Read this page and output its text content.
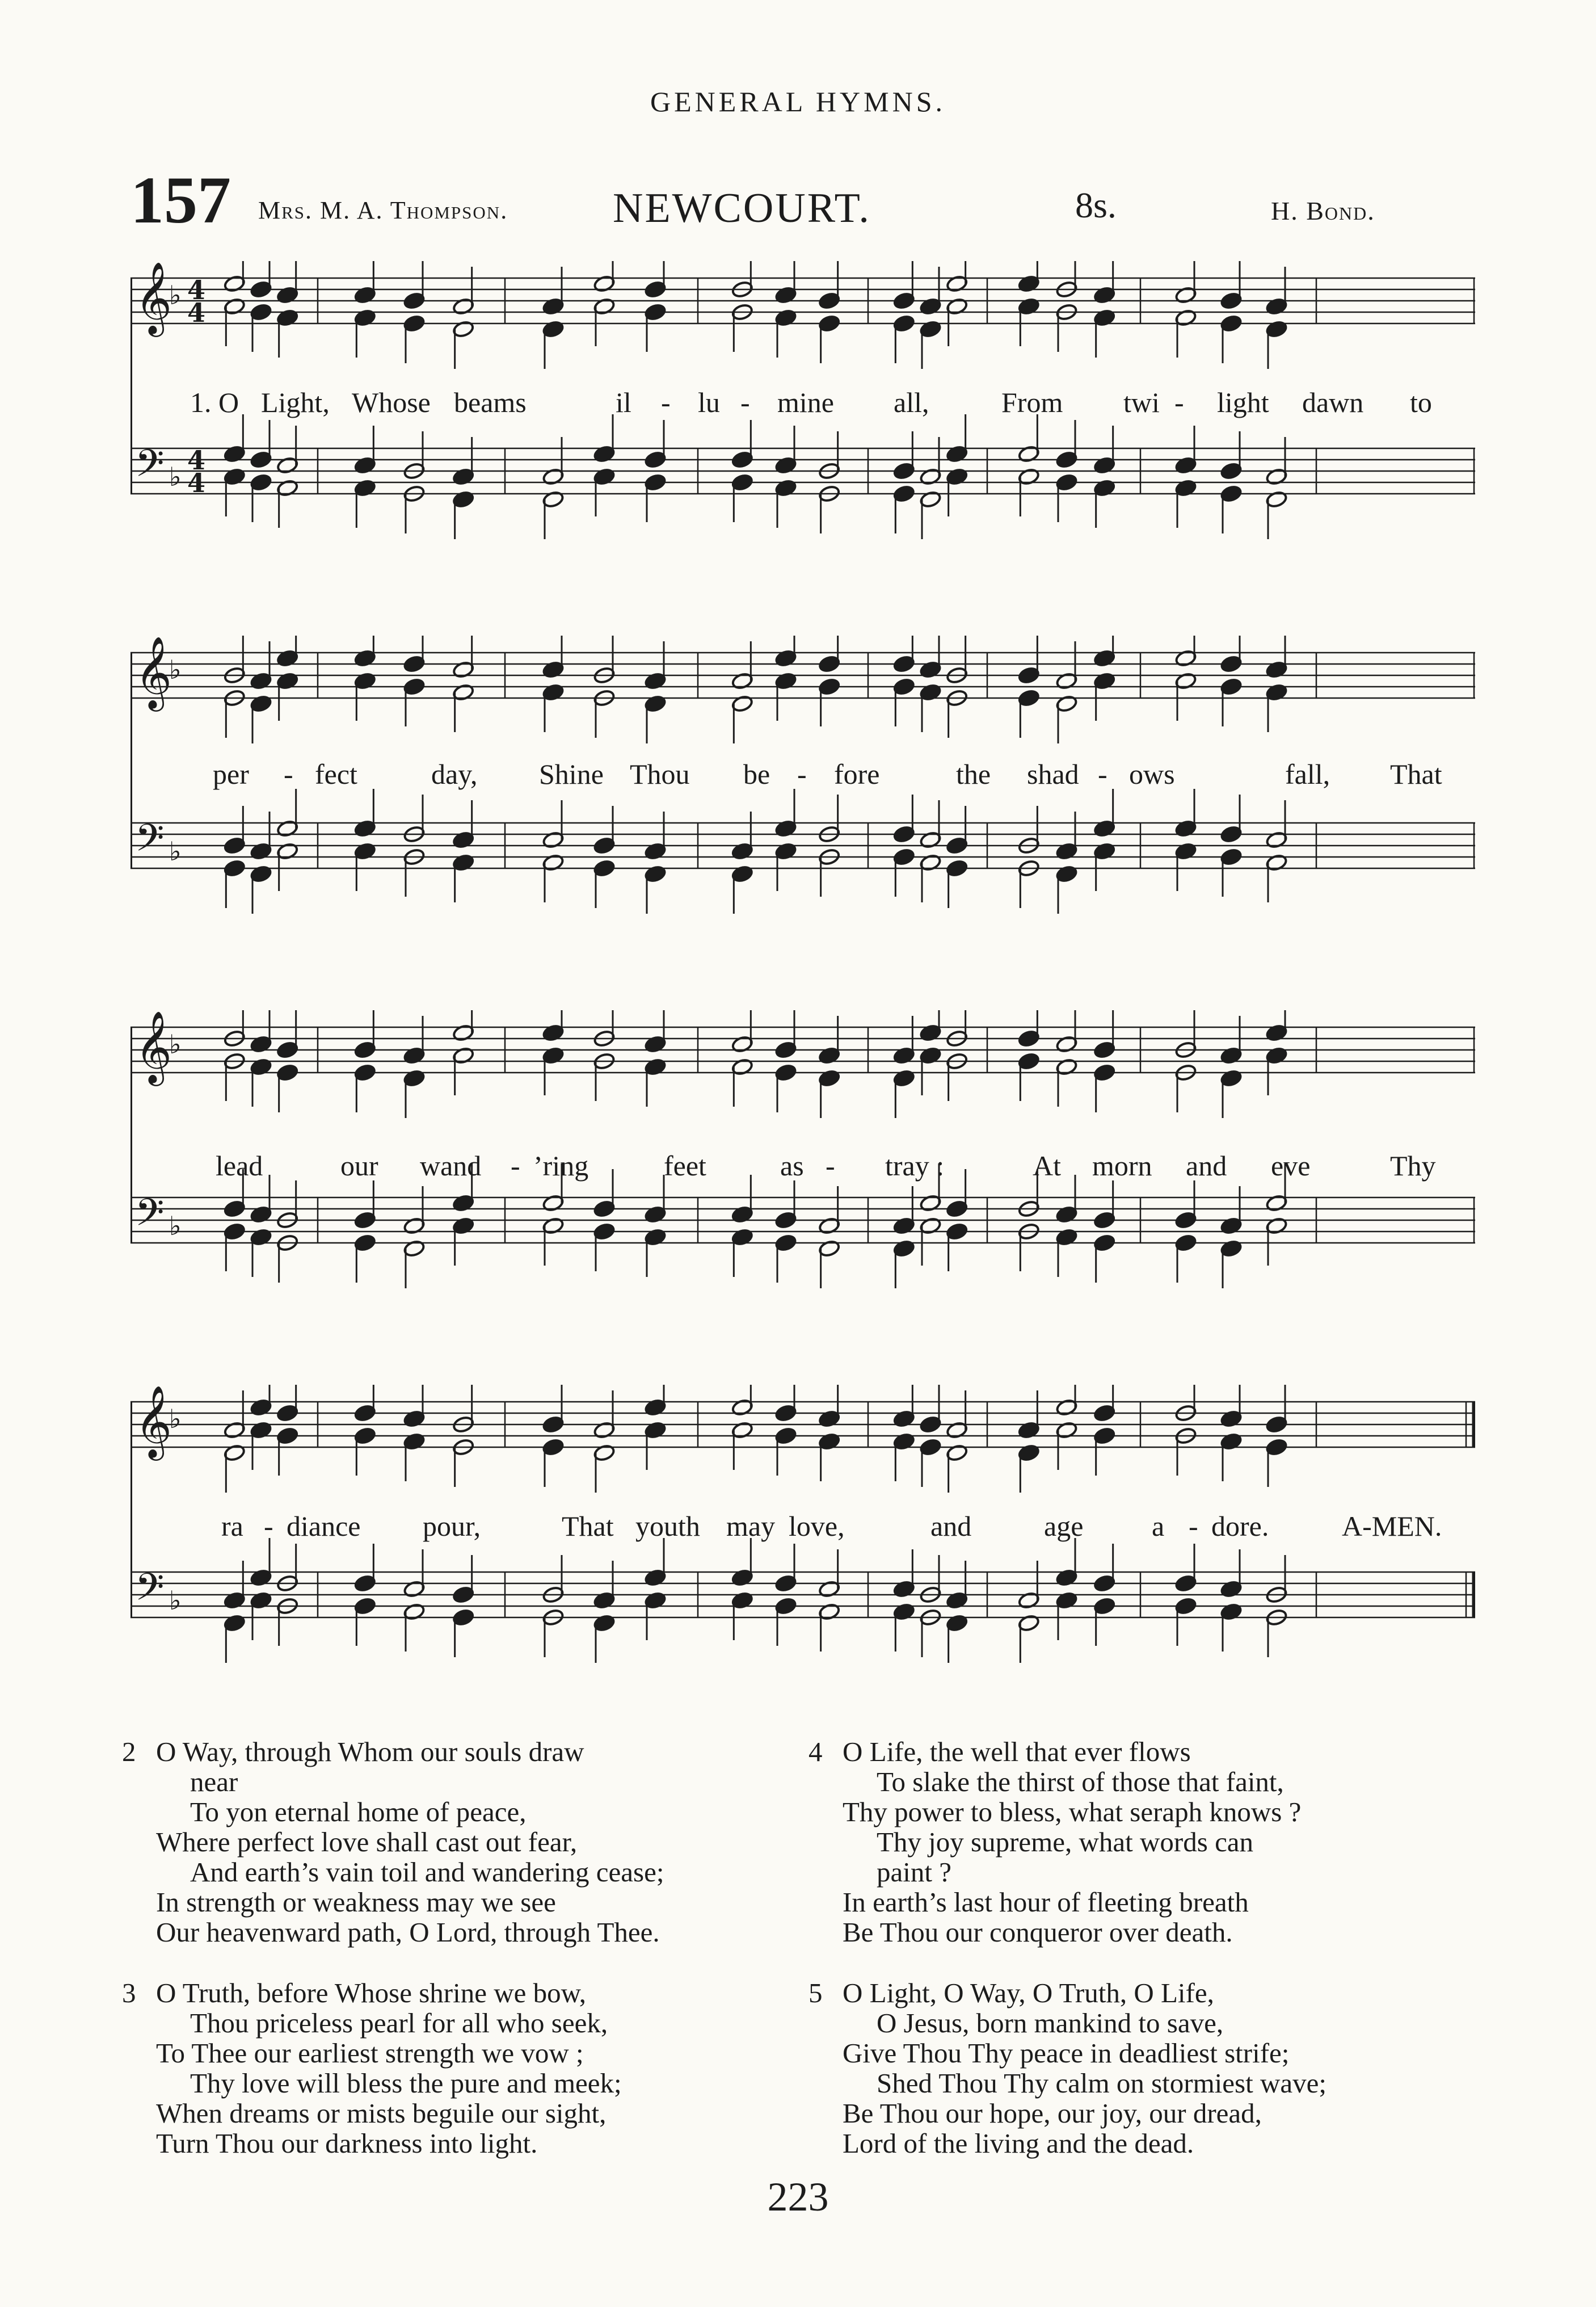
GENERAL HYMNS.
157 Mrs. M. A. Thompson. NEWCOURT.	8s.	H. Bond.
𝄞
♭ 4
4
𝄢 ♭
4
4
1. O Light, Whose beams	il - lu - mine all,	From twi - light dawn to
𝄞
♭
𝄢 ♭
per - fect	day, Shine Thou be - fore	the shad - ows	fall, That
𝄞
♭
𝄢 ♭
lead	our wand - ’ring	feet	as - tray :	At morn and eve	Thy
𝄞
♭
𝄢 ♭
ra - diance pour,	That youth may love,	and	age a - dore.	A-MEN.
2 O Way, through Whom our souls draw
near
To yon eternal home of peace,
Where perfect love shall cast out fear,
And earth’s vain toil and wandering cease;
In strength or weakness may we see
Our heavenward path, O Lord, through Thee.
3 O Truth, before Whose shrine we bow,
Thou priceless pearl for all who seek,
To Thee our earliest strength we vow ;
Thy love will bless the pure and meek;
When dreams or mists beguile our sight,
Turn Thou our darkness into light.
4 O Life, the well that ever flows
To slake the thirst of those that faint,
Thy power to bless, what seraph knows ?
Thy joy supreme, what words can
paint ?
In earth’s last hour of fleeting breath
Be Thou our conqueror over death.
5 O Light, O Way, O Truth, O Life,
O Jesus, born mankind to save,
Give Thou Thy peace in deadliest strife;
Shed Thou Thy calm on stormiest wave;
Be Thou our hope, our joy, our dread,
Lord of the living and the dead.
223
